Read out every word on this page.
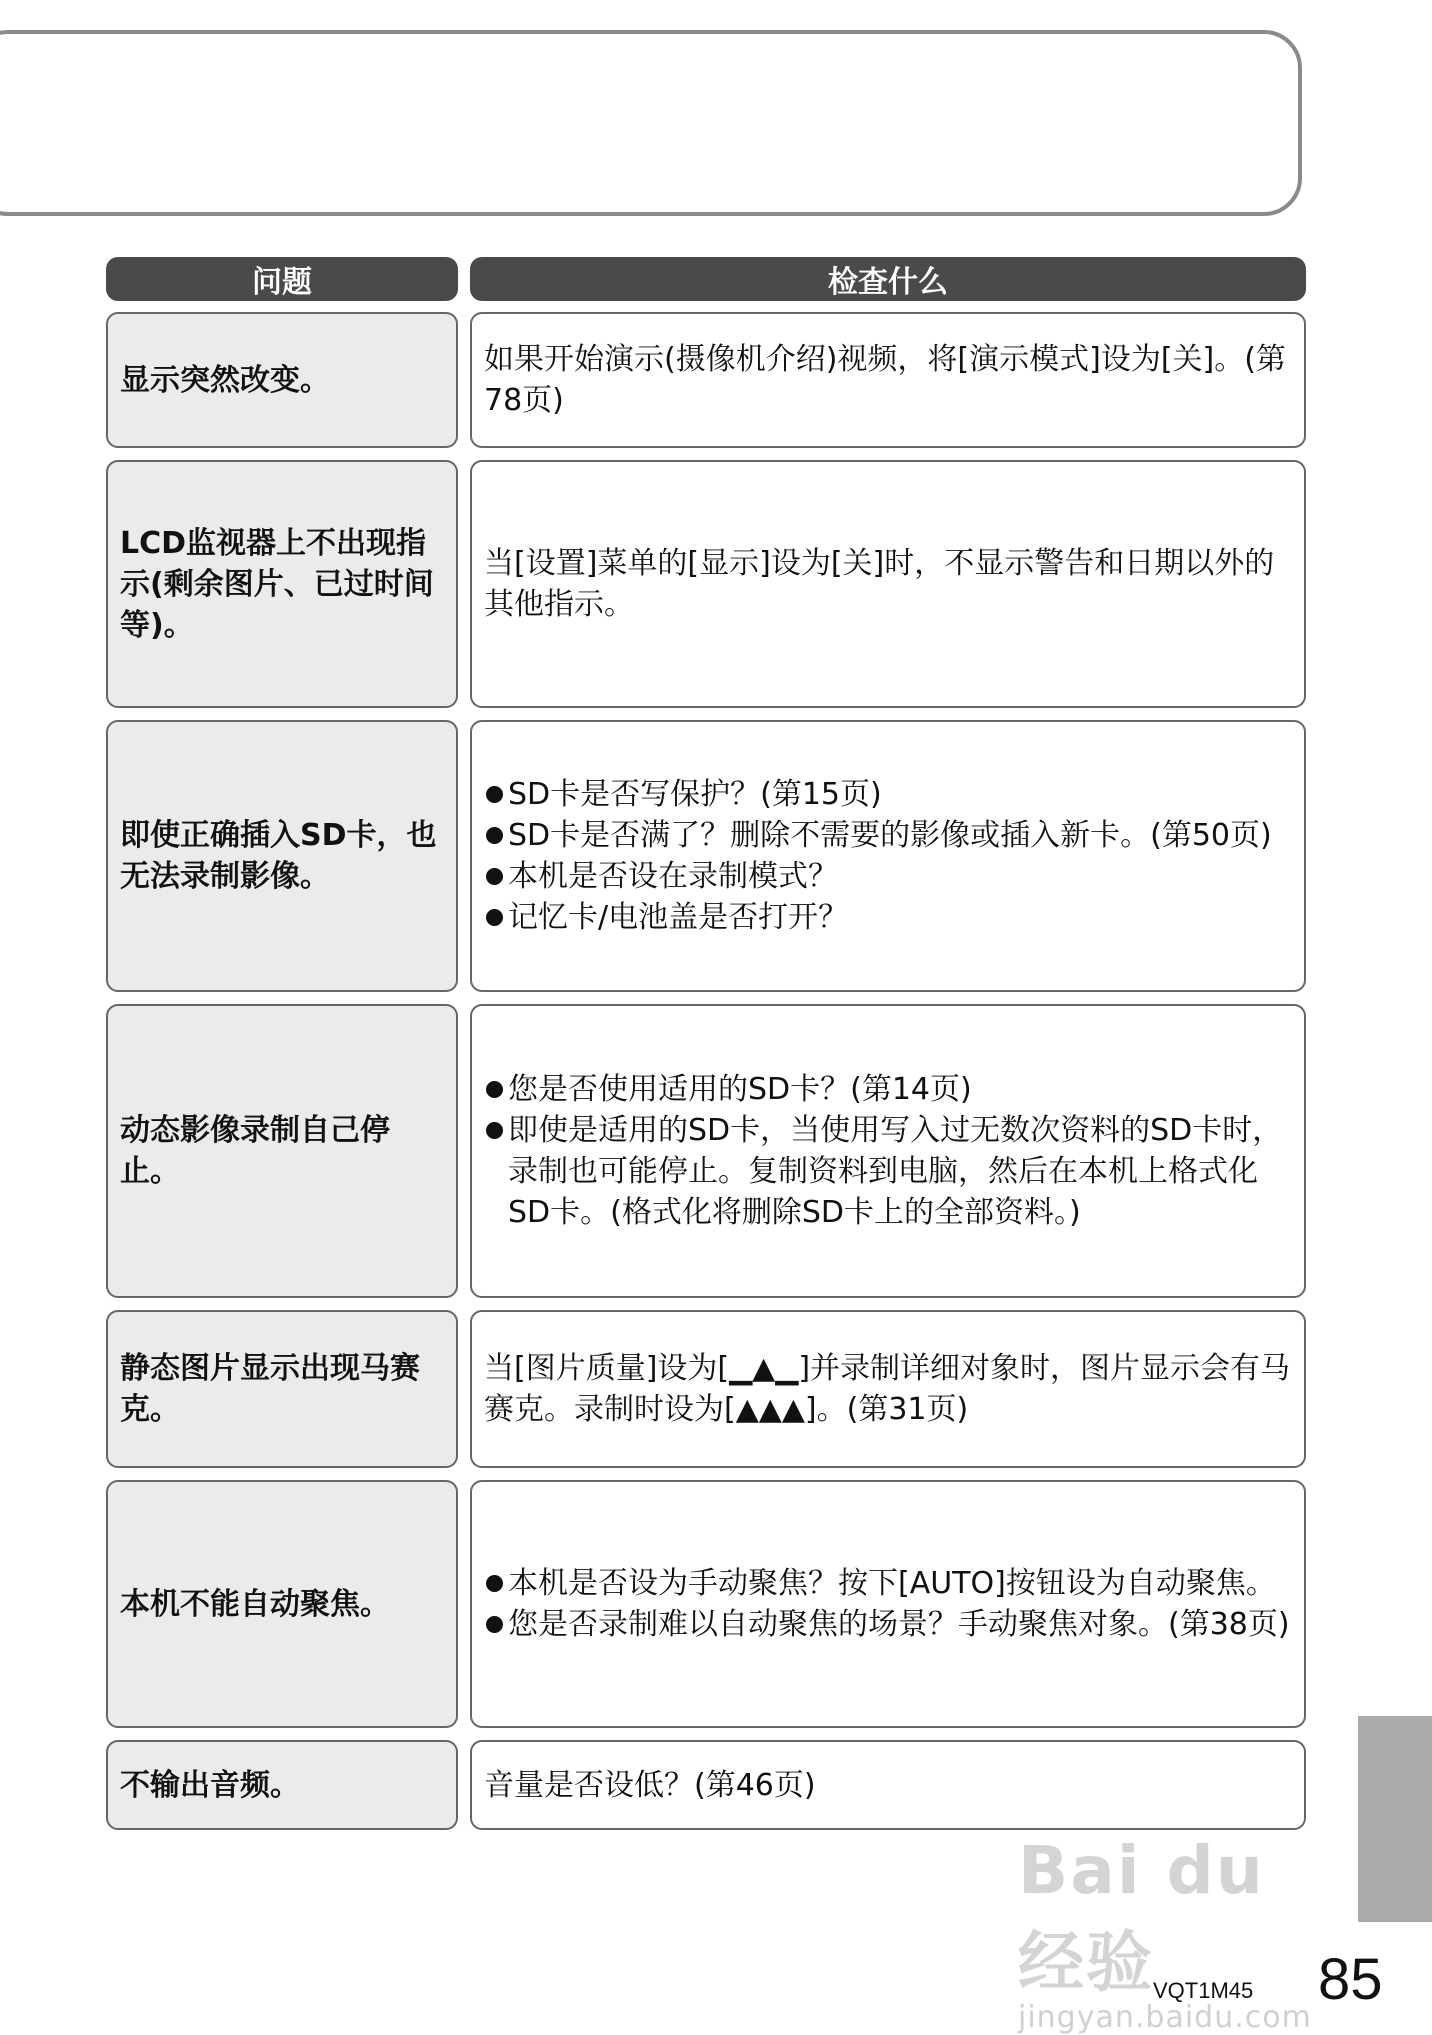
问题	检查什么
显示突然改变。
如果开始演示(摄像机介绍)视频，将[演示模式]设为[关]。(第78页)
LCD监视器上不出现指示(剩余图片、已过时间等)。
当[设置]菜单的[显示]设为[关]时，不显示警告和日期以外的其他指示。
即使正确插入SD卡，也无法录制影像。
SD卡是否写保护？(第15页)
SD卡是否满了？删除不需要的影像或插入新卡。(第50页)
本机是否设在录制模式？
记忆卡/电池盖是否打开？
动态影像录制自己停止。
您是否使用适用的SD卡？(第14页)
即使是适用的SD卡，当使用写入过无数次资料的SD卡时，录制也可能停止。复制资料到电脑，然后在本机上格式化SD卡。(格式化将删除SD卡上的全部资料。)
静态图片显示出现马赛克。
当[图片质量]设为[▁▲▁]并录制详细对象时，图片显示会有马赛克。录制时设为[▲▲▲]。(第31页)
本机不能自动聚焦。
本机是否设为手动聚焦？按下[AUTO]按钮设为自动聚焦。
您是否录制难以自动聚焦的场景？手动聚焦对象。(第38页)
不输出音频。	音量是否设低？(第46页)
Bai du 经验
jingyan.baidu.com
VQT1M45 85
